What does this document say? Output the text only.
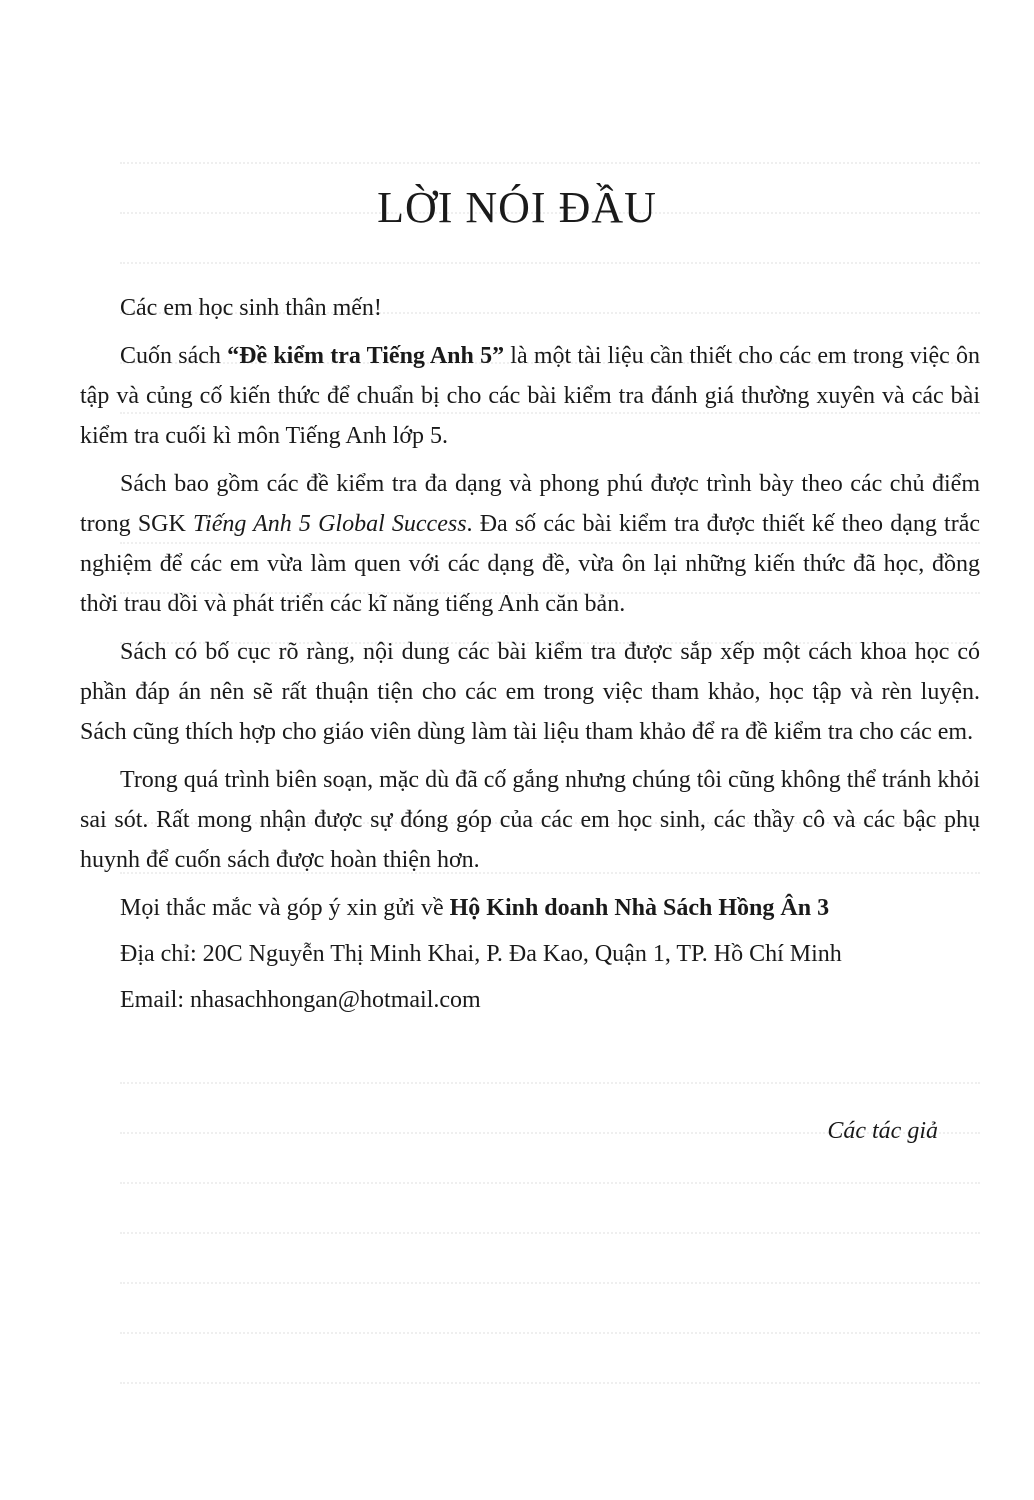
LỜI NÓI ĐẦU

Các em học sinh thân mến!

Cuốn sách “Đề kiểm tra Tiếng Anh 5” là một tài liệu cần thiết cho các em trong việc ôn tập và củng cố kiến thức để chuẩn bị cho các bài kiểm tra đánh giá thường xuyên và các bài kiểm tra cuối kì môn Tiếng Anh lớp 5.

Sách bao gồm các đề kiểm tra đa dạng và phong phú được trình bày theo các chủ điểm trong SGK Tiếng Anh 5 Global Success. Đa số các bài kiểm tra được thiết kế theo dạng trắc nghiệm để các em vừa làm quen với các dạng đề, vừa ôn lại những kiến thức đã học, đồng thời trau dồi và phát triển các kĩ năng tiếng Anh căn bản.

Sách có bố cục rõ ràng, nội dung các bài kiểm tra được sắp xếp một cách khoa học có phần đáp án nên sẽ rất thuận tiện cho các em trong việc tham khảo, học tập và rèn luyện. Sách cũng thích hợp cho giáo viên dùng làm tài liệu tham khảo để ra đề kiểm tra cho các em.

Trong quá trình biên soạn, mặc dù đã cố gắng nhưng chúng tôi cũng không thể tránh khỏi sai sót. Rất mong nhận được sự đóng góp của các em học sinh, các thầy cô và các bậc phụ huynh để cuốn sách được hoàn thiện hơn.

Mọi thắc mắc và góp ý xin gửi về Hộ Kinh doanh Nhà Sách Hồng Ân 3

Địa chỉ: 20C Nguyễn Thị Minh Khai, P. Đa Kao, Quận 1, TP. Hồ Chí Minh

Email: nhasachhongan@hotmail.com

Các tác giả
